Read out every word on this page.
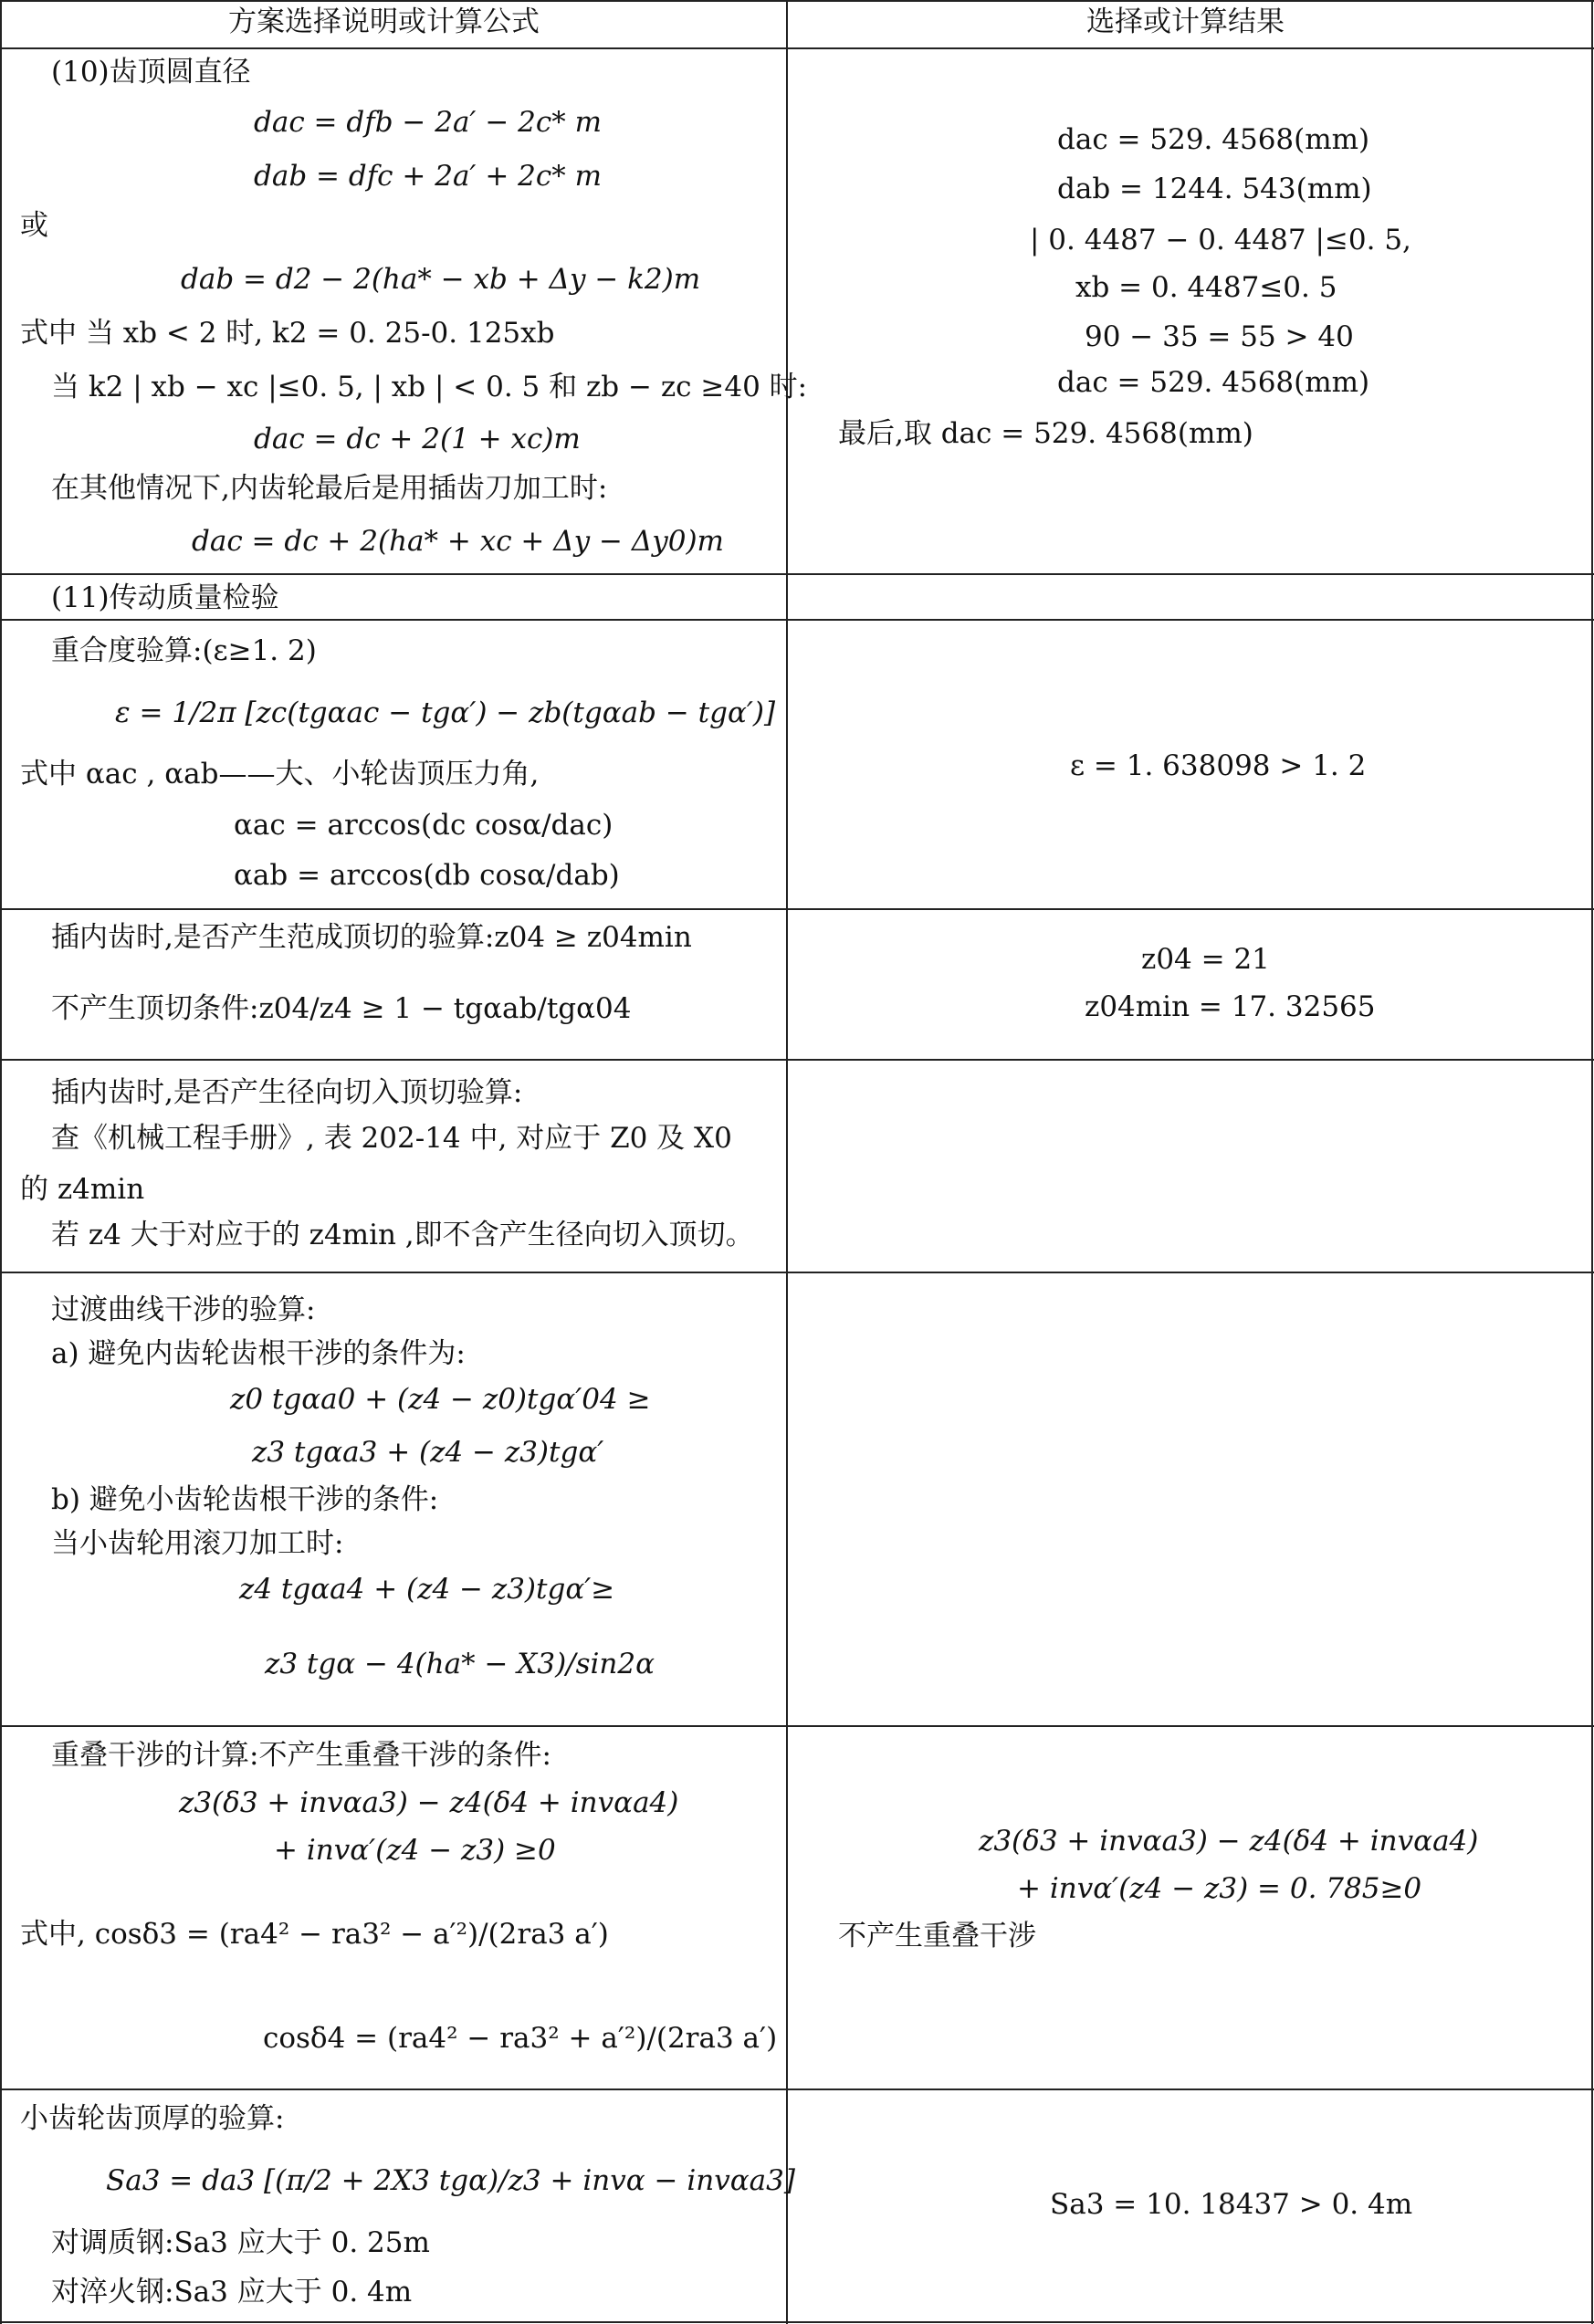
方案选择说明或计算公式	选择或计算结果
(10)齿顶圆直径
dac = dfb − 2a′ − 2c* m
dab = dfc + 2a′ + 2c* m
或
dab = d2 − 2(ha* − xb + Δy − k2)m
式中 当 xb < 2 时, k2 = 0. 25-0. 125xb
当 k2 | xb − xc |≤0. 5, | xb | < 0. 5 和 zb − zc ≥40 时:
dac = dc + 2(1 + xc)m
在其他情况下,内齿轮最后是用插齿刀加工时:
dac = dc + 2(ha* + xc + Δy − Δy0)m
dac = 529. 4568(mm)
dab = 1244. 543(mm)
| 0. 4487 − 0. 4487 |≤0. 5,
xb = 0. 4487≤0. 5
90 − 35 = 55 > 40
dac = 529. 4568(mm)
最后,取 dac = 529. 4568(mm)
(11)传动质量检验
重合度验算:(ε≥1. 2)
ε = 1/2π [zc(tgαac − tgα′) − zb(tgαab − tgα′)]
式中 αac , αab——大、小轮齿顶压力角,
αac = arccos(dc cosα/dac)
αab = arccos(db cosα/dab)
ε = 1. 638098 > 1. 2
插内齿时,是否产生范成顶切的验算:z04 ≥ z04min
不产生顶切条件:z04/z4 ≥ 1 − tgαab/tgα04
z04 = 21
z04min = 17. 32565
插内齿时,是否产生径向切入顶切验算:
查《机械工程手册》, 表 202-14 中, 对应于 Z0 及 X0
的 z4min
若 z4 大于对应于的 z4min ,即不含产生径向切入顶切。
过渡曲线干涉的验算:
a) 避免内齿轮齿根干涉的条件为:
z0 tgαa0 + (z4 − z0)tgα′04 ≥
z3 tgαa3 + (z4 − z3)tgα′
b) 避免小齿轮齿根干涉的条件:
当小齿轮用滚刀加工时:
z4 tgαa4 + (z4 − z3)tgα′≥
z3 tgα − 4(ha* − X3)/sin2α
重叠干涉的计算:不产生重叠干涉的条件:
z3(δ3 + invαa3) − z4(δ4 + invαa4)
+ invα′(z4 − z3) ≥0
式中, cosδ3 = (ra4² − ra3² − a′²)/(2ra3 a′)
cosδ4 = (ra4² − ra3² + a′²)/(2ra3 a′)
z3(δ3 + invαa3) − z4(δ4 + invαa4)
+ invα′(z4 − z3) = 0. 785≥0
不产生重叠干涉
小齿轮齿顶厚的验算:
Sa3 = da3 [(π/2 + 2X3 tgα)/z3 + invα − invαa3]
对调质钢:Sa3 应大于 0. 25m
对淬火钢:Sa3 应大于 0. 4m
Sa3 = 10. 18437 > 0. 4m
